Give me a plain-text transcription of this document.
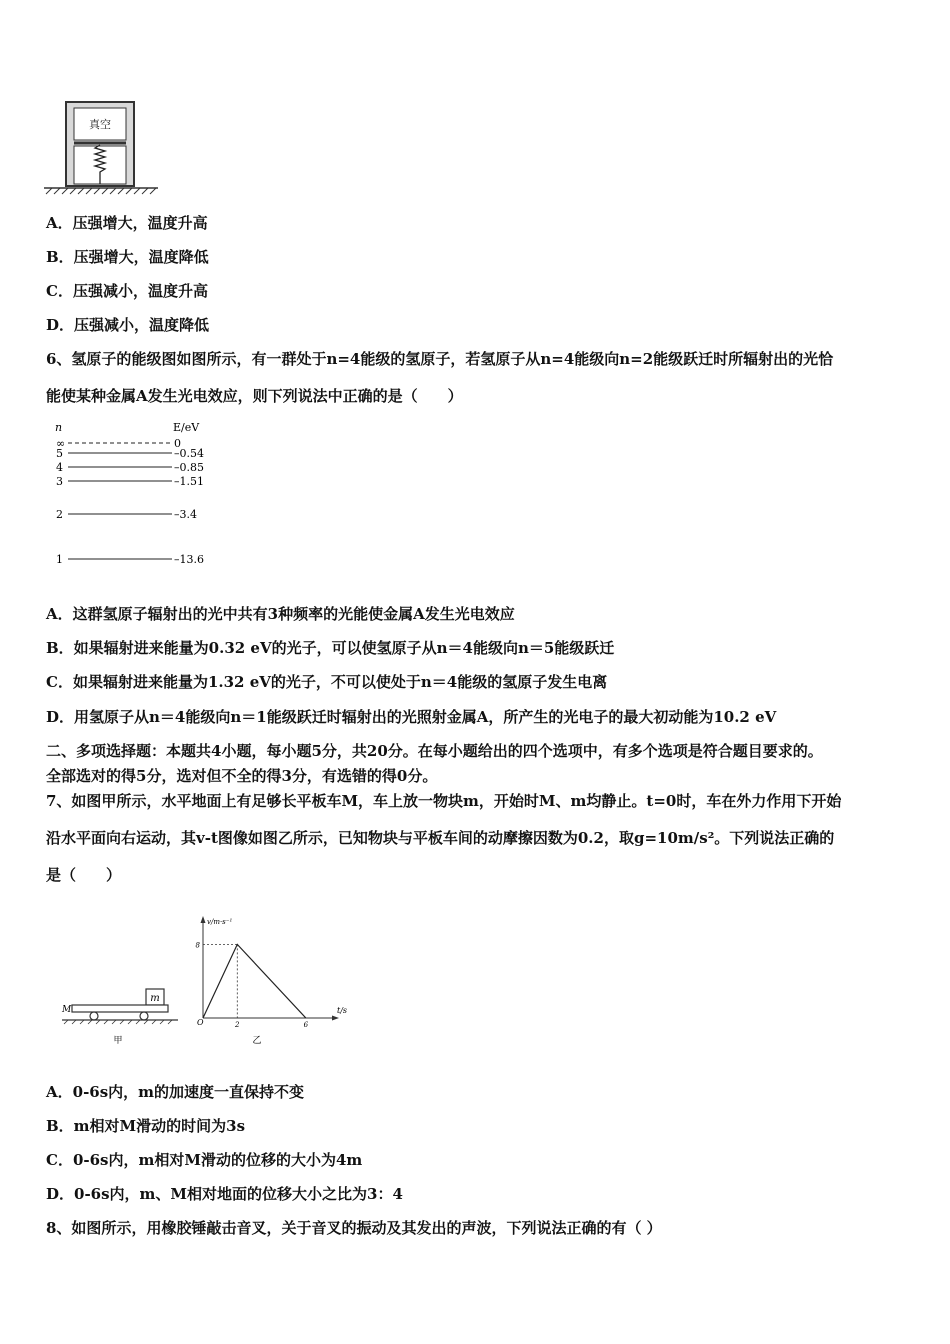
真空
A．压强增大，温度升高
B．压强增大，温度降低
C．压强减小，温度升高
D．压强减小，温度降低
6、氢原子的能级图如图所示，有一群处于n=4能级的氢原子，若氢原子从n=4能级向n=2能级跃迁时所辐射出的光恰
能使某种金属A发生光电效应，则下列说法中正确的是（　　）
n	E/eV
∞	0
5	–0.54
4	–0.85
3	–1.51
2	–3.4
1	–13.6
A．这群氢原子辐射出的光中共有3种频率的光能使金属A发生光电效应
B．如果辐射进来能量为0.32 eV的光子，可以使氢原子从n＝4能级向n＝5能级跃迁
C．如果辐射进来能量为1.32 eV的光子，不可以使处于n＝4能级的氢原子发生电离
D．用氢原子从n＝4能级向n＝1能级跃迁时辐射出的光照射金属A，所产生的光电子的最大初动能为10.2 eV
二、多项选择题：本题共4小题，每小题5分，共20分。在每小题给出的四个选项中，有多个选项是符合题目要求的。
全部选对的得5分，选对但不全的得3分，有选错的得0分。
7、如图甲所示，水平地面上有足够长平板车M，车上放一物块m，开始时M、m均静止。t=0时，车在外力作用下开始
沿水平面向右运动，其v-t图像如图乙所示，已知物块与平板车间的动摩擦因数为0.2，取g=10m/s²。下列说法正确的
是（　　）
m
M
甲
v/m·s⁻¹
t/s
O
8
2	6
乙
A．0-6s内，m的加速度一直保持不变
B．m相对M滑动的时间为3s
C．0-6s内，m相对M滑动的位移的大小为4m
D．0-6s内，m、M相对地面的位移大小之比为3：4
8、如图所示，用橡胶锤敲击音叉，关于音叉的振动及其发出的声波，下列说法正确的有（ ）
